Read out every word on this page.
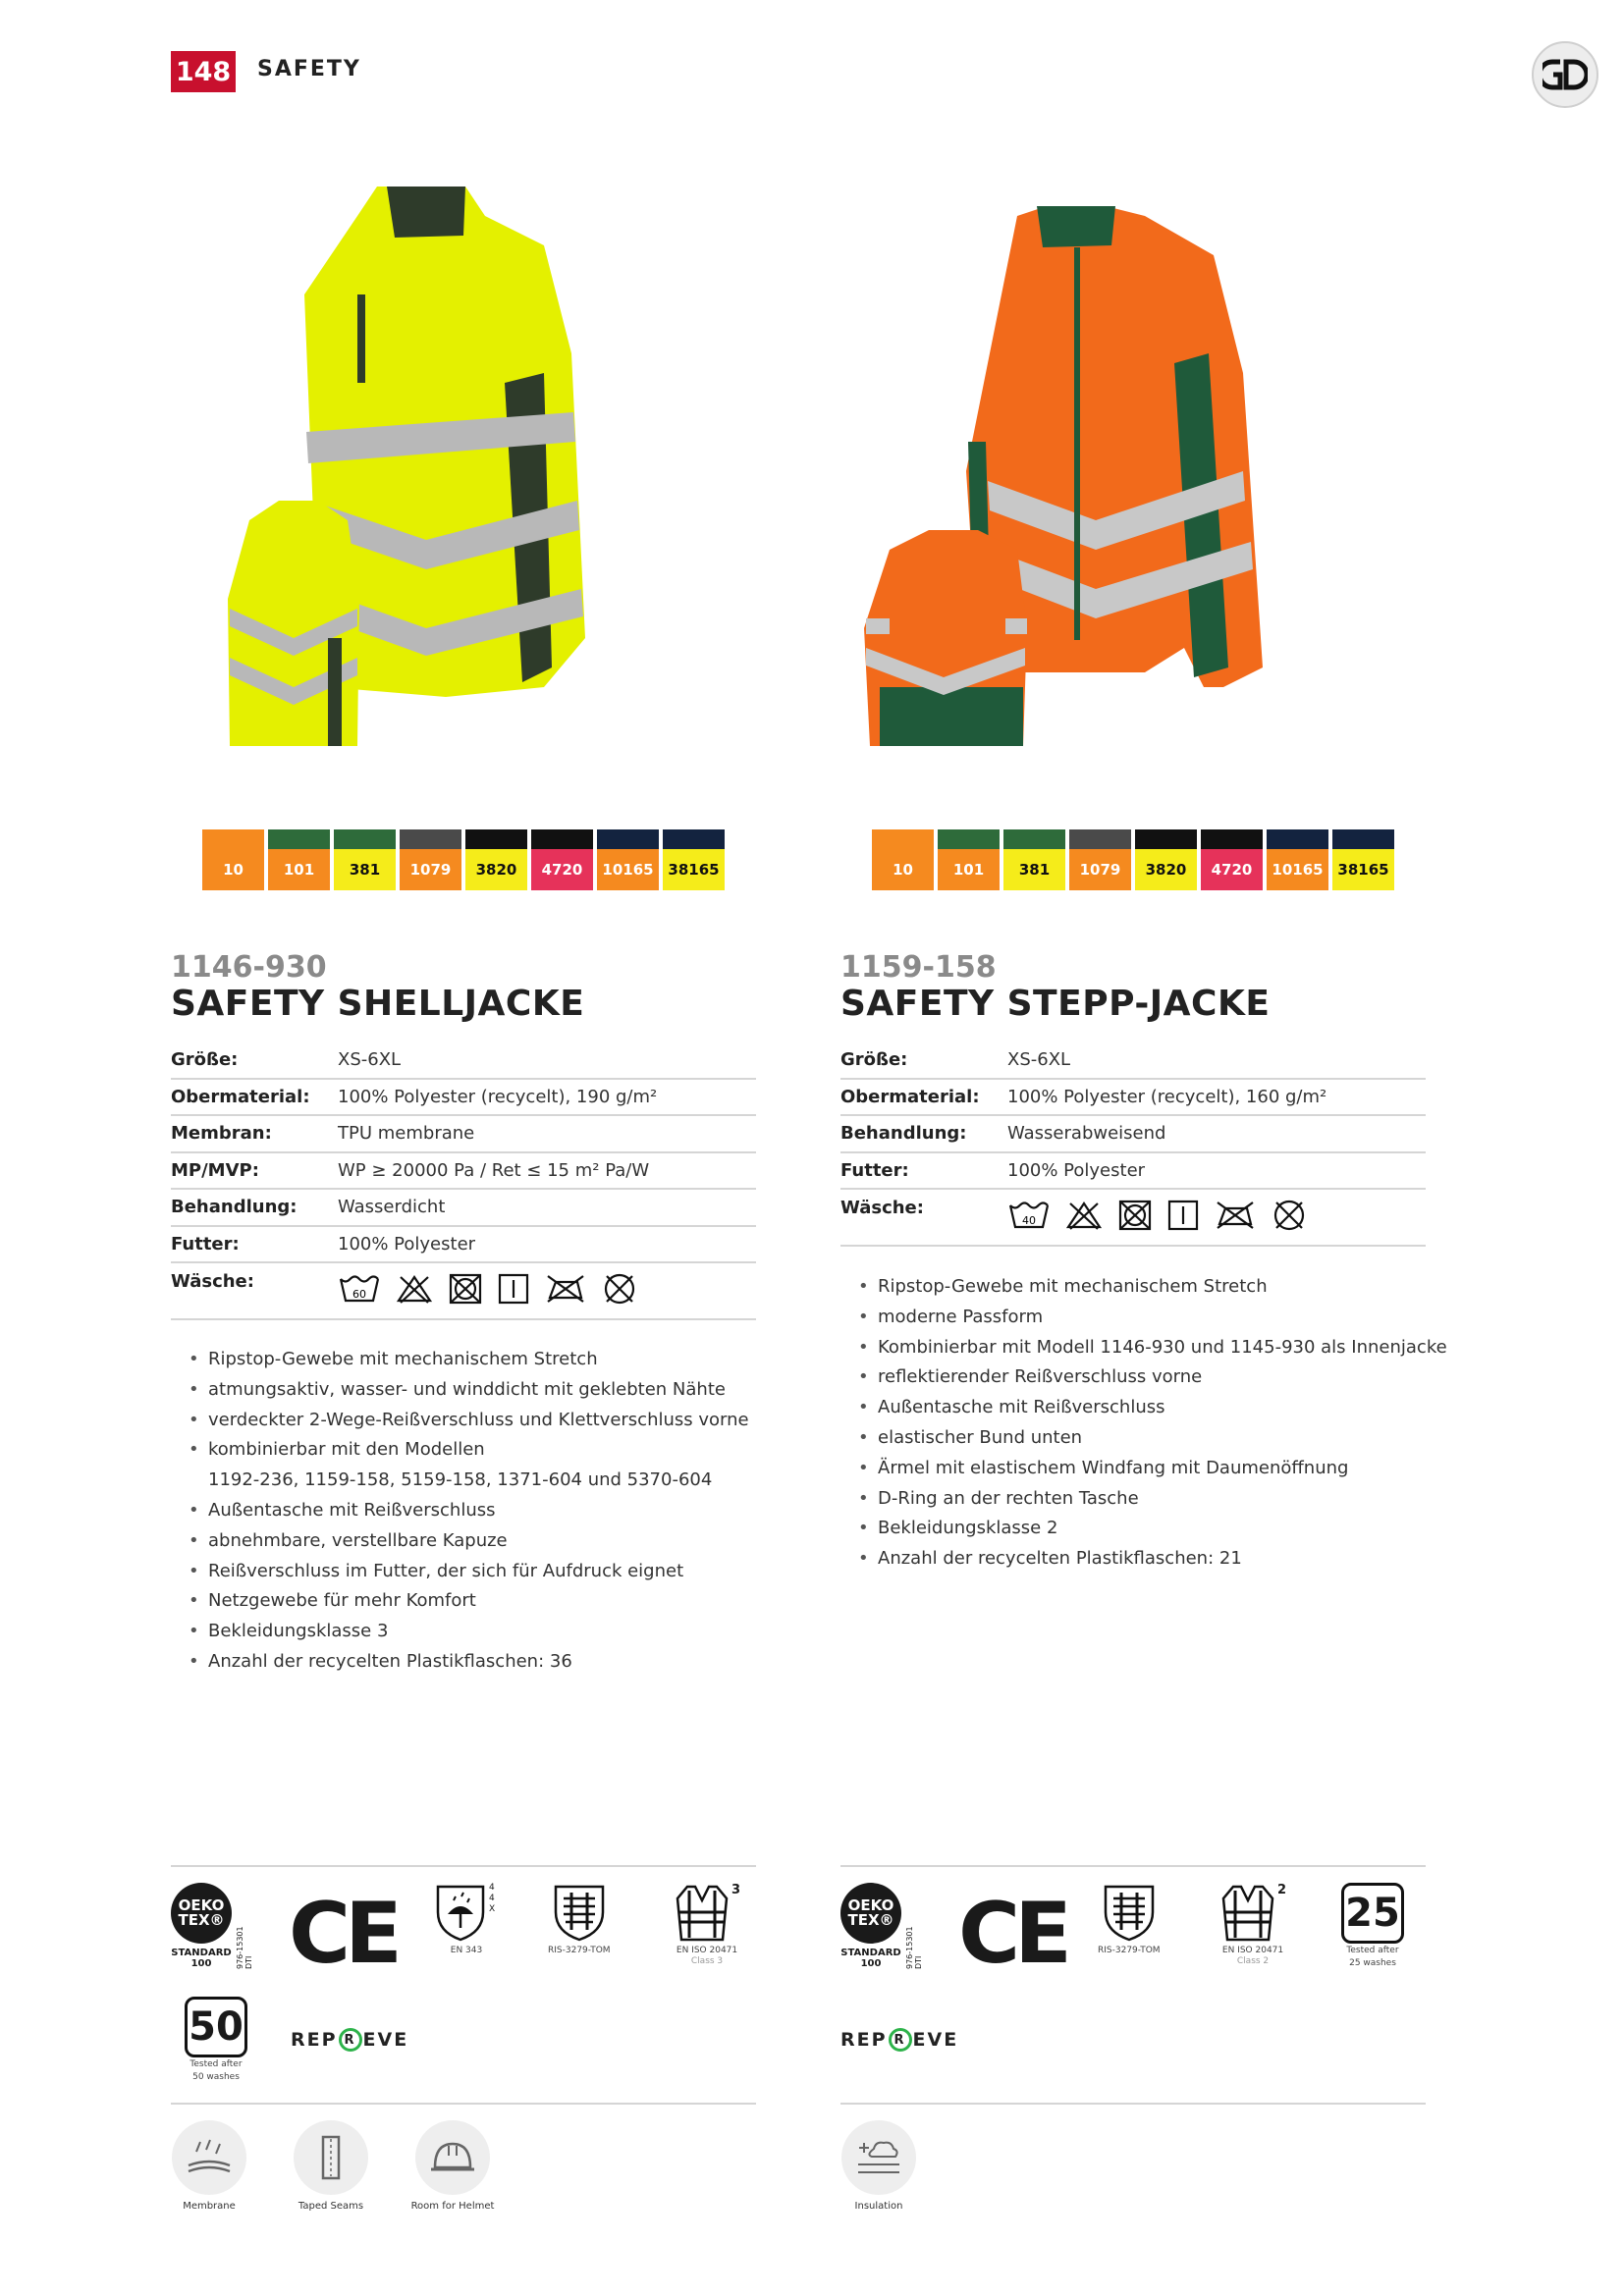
148 SAFETY
10	101	381	1079	3820	4720	10165 38165
1146-930
SAFETY SHELLJACKE
Größe:	XS-6XL
Obermaterial:	100% Polyester (recycelt), 190 g/m²
Membran:	TPU membrane
MP/MVP:	WP ≥ 20000 Pa / Ret ≤ 15 m² Pa/W
Behandlung:	Wasserdicht
Futter:	100% Polyester
Wäsche:
60
• Ripstop-Gewebe mit mechanischem Stretch
• atmungsaktiv, wasser- und winddicht mit geklebten Nähte
• verdeckter 2-Wege-Reißverschluss und Klettverschluss vorne
• kombinierbar mit den Modellen
1192-236, 1159-158, 5159-158, 1371-604 und 5370-604
• Außentasche mit Reißverschluss
• abnehmbare, verstellbare Kapuze
• Reißverschluss im Futter, der sich für Aufdruck eignet
• Netzgewebe für mehr Komfort
• Bekleidungsklasse 3
• Anzahl der recycelten Plastikflaschen: 36
OEKO
TEX®
STANDARD
100	976-15301 DTI CE	4 4 X
EN 343	RIS-3279-TOM
3
EN ISO 20471
Class 3
50
Tested after
50 washes
REP R EVE
Membrane	Taped Seams	Room for Helmet
10	101	381	1079	3820	4720	10165 38165
1159-158
SAFETY STEPP-JACKE
Größe:	XS-6XL
Obermaterial:	100% Polyester (recycelt), 160 g/m²
Behandlung:	Wasserabweisend
Futter:	100% Polyester
Wäsche:
40
• Ripstop-Gewebe mit mechanischem Stretch
• moderne Passform
• Kombinierbar mit Modell 1146-930 und 1145-930 als Innenjacke
• reflektierender Reißverschluss vorne
• Außentasche mit Reißverschluss
• elastischer Bund unten
• Ärmel mit elastischem Windfang mit Daumenöffnung
• D-Ring an der rechten Tasche
• Bekleidungsklasse 2
• Anzahl der recycelten Plastikflaschen: 21
OEKO
TEX®
STANDARD
100	976-15301 DTI CE	RIS-3279-TOM
2
EN ISO 20471
Class 2
25
Tested after
25 washes
REP R EVE
Insulation
